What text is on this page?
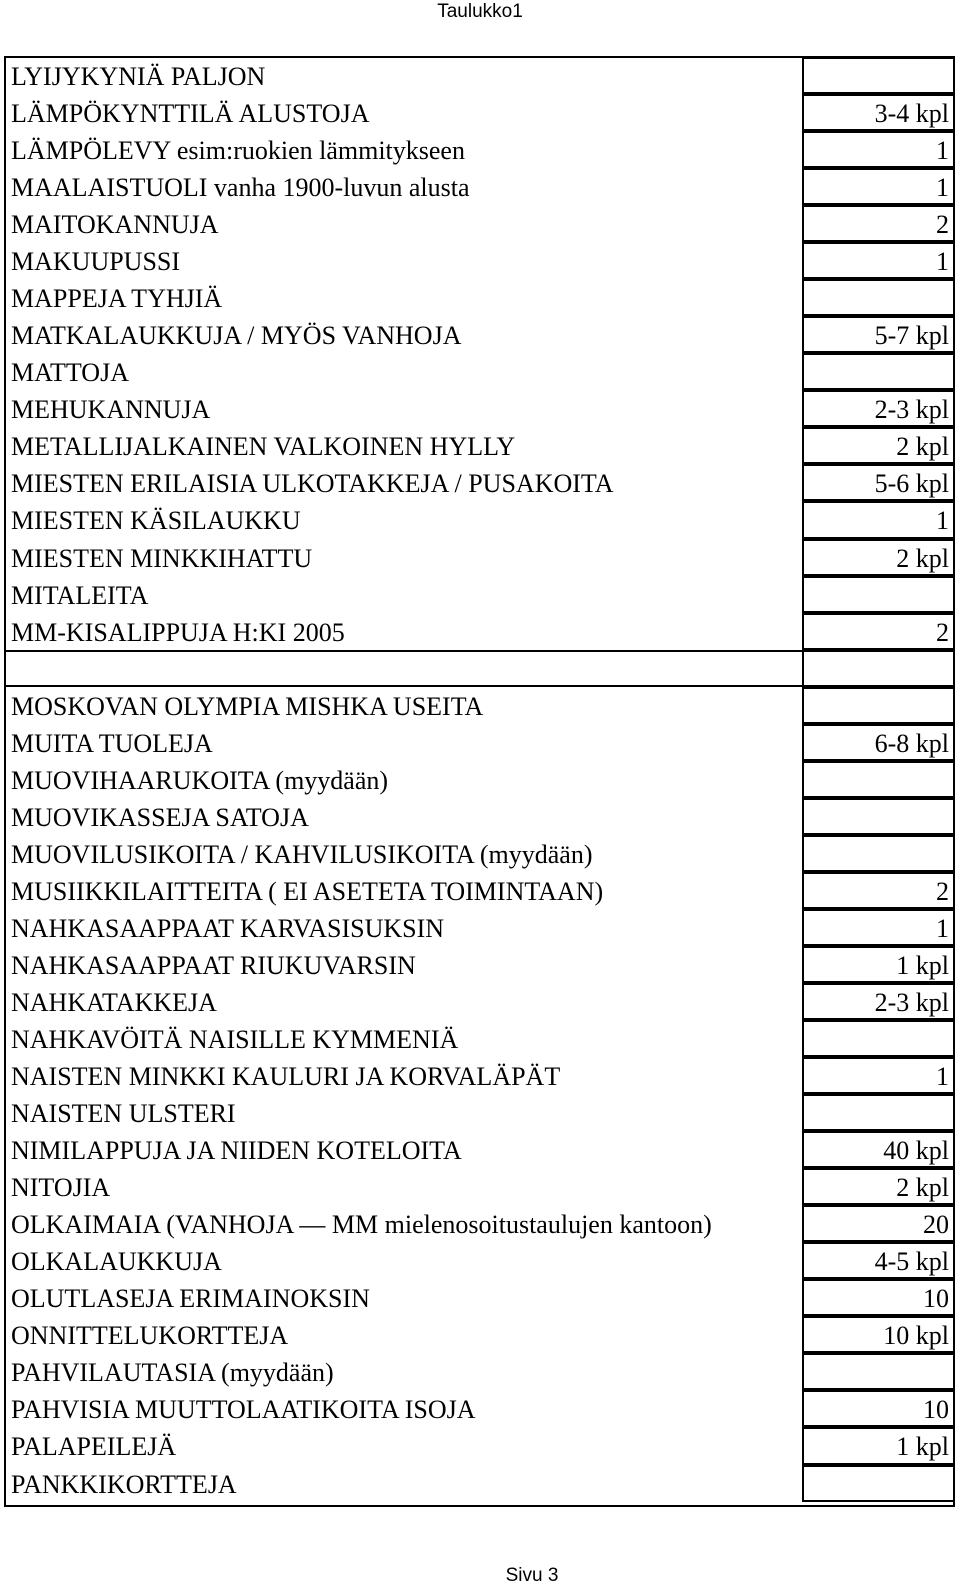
Taulukko1
LYIJYKYNIÄ PALJON
LÄMPÖKYNTTILÄ ALUSTOJA	3-4 kpl
LÄMPÖLEVY esim:ruokien lämmitykseen	1
MAALAISTUOLI vanha 1900-luvun alusta	1
MAITOKANNUJA	2
MAKUUPUSSI	1
MAPPEJA TYHJIÄ
MATKALAUKKUJA / MYÖS VANHOJA	5-7 kpl
MATTOJA
MEHUKANNUJA	2-3 kpl
METALLIJALKAINEN VALKOINEN HYLLY	2 kpl
MIESTEN ERILAISIA ULKOTAKKEJA / PUSAKOITA	5-6 kpl
MIESTEN KÄSILAUKKU	1
MIESTEN MINKKIHATTU	2 kpl
MITALEITA
MM-KISALIPPUJA H:KI 2005	2
MOSKOVAN OLYMPIA MISHKA USEITA
MUITA TUOLEJA	6-8 kpl
MUOVIHAARUKOITA (myydään)
MUOVIKASSEJA SATOJA
MUOVILUSIKOITA / KAHVILUSIKOITA (myydään)
MUSIIKKILAITTEITA ( EI ASETETA TOIMINTAAN)	2
NAHKASAAPPAAT KARVASISUKSIN	1
NAHKASAAPPAAT RIUKUVARSIN	1 kpl
NAHKATAKKEJA	2-3 kpl
NAHKAVÖITÄ NAISILLE KYMMENIÄ
NAISTEN MINKKI KAULURI JA KORVALÄPÄT	1
NAISTEN ULSTERI
NIMILAPPUJA JA NIIDEN KOTELOITA	40 kpl
NITOJIA	2 kpl
OLKAIMAIA (VANHOJA — MM mielenosoitustaulujen kantoon)	20
OLKALAUKKUJA	4-5 kpl
OLUTLASEJA ERIMAINOKSIN	10
ONNITTELUKORTTEJA	10 kpl
PAHVILAUTASIA (myydään)
PAHVISIA MUUTTOLAATIKOITA ISOJA	10
PALAPEILEJÄ	1 kpl
PANKKIKORTTEJA
Sivu 3
